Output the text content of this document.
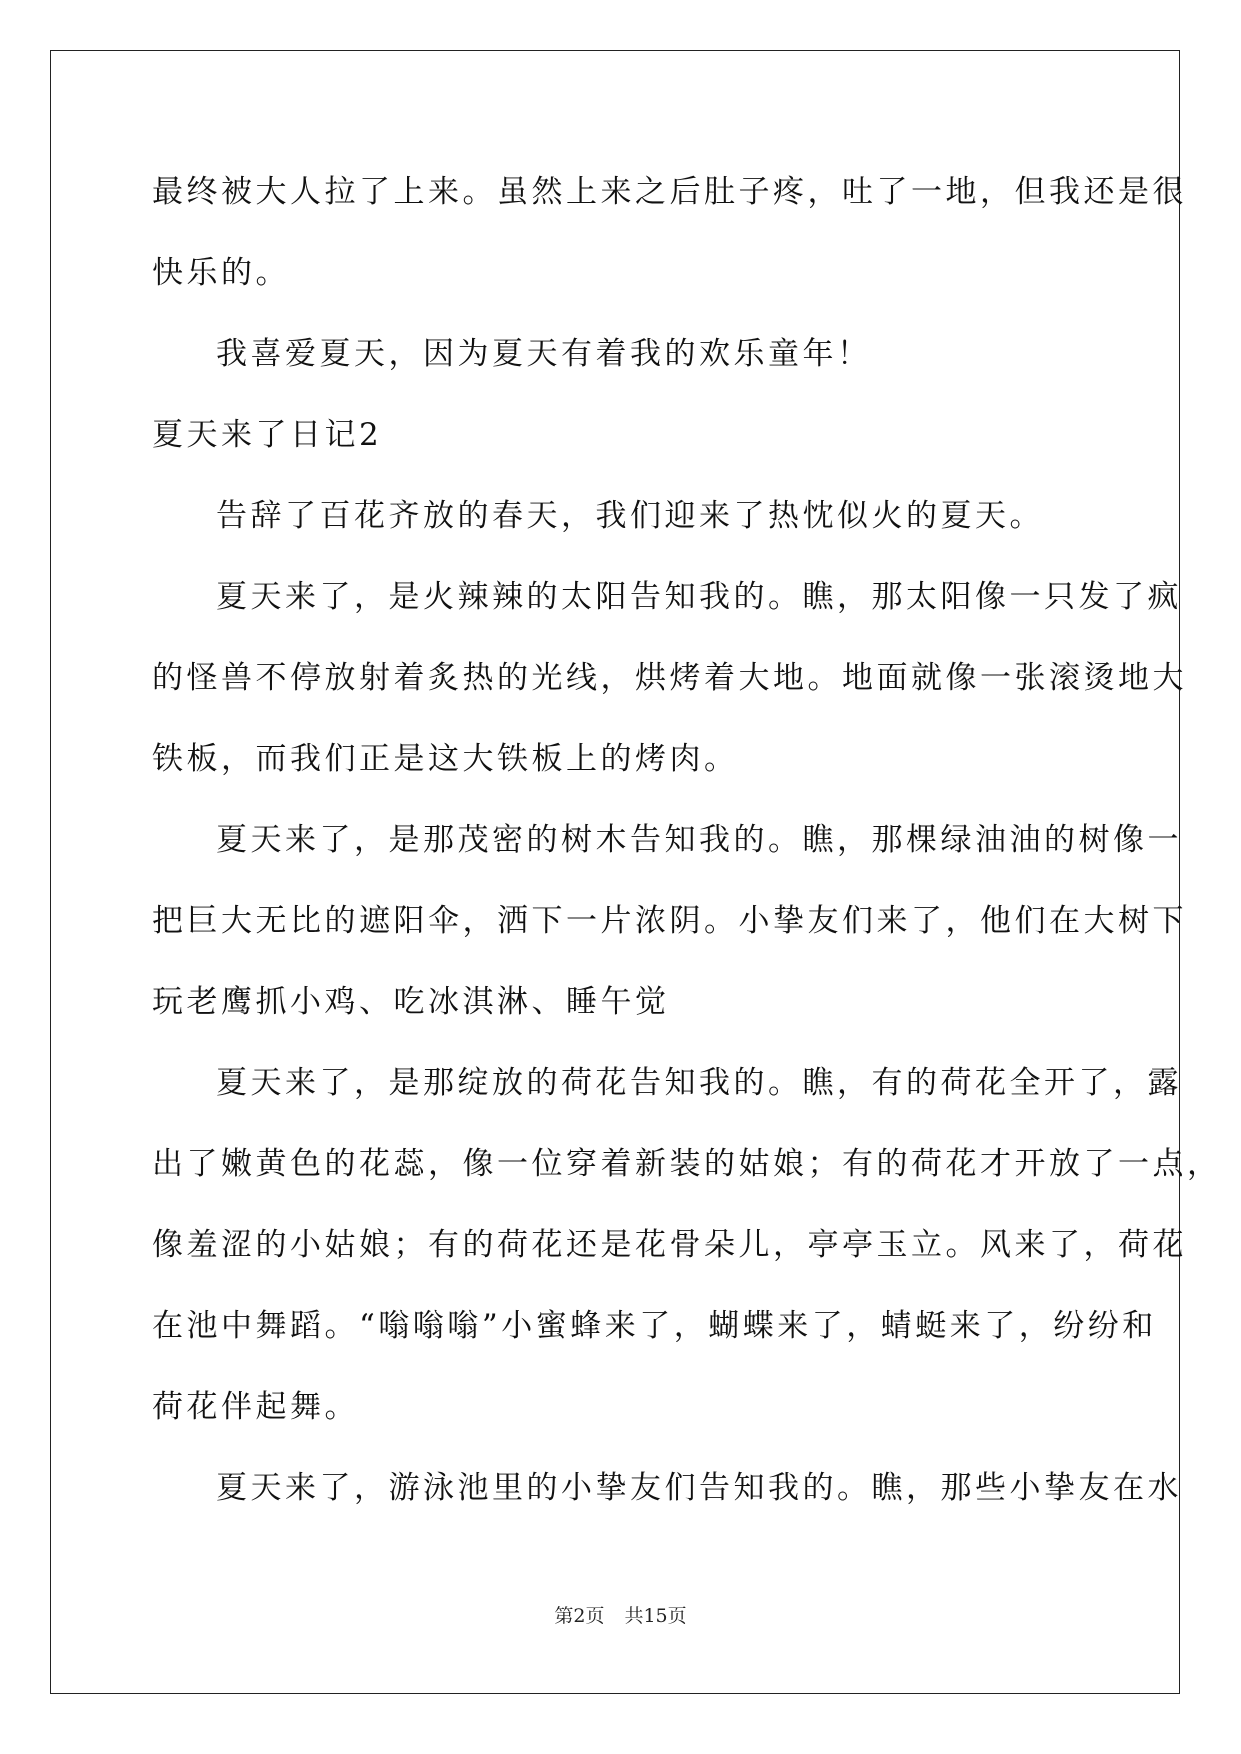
最终被大人拉了上来。虽然上来之后肚子疼，吐了一地，但我还是很
快乐的。
我喜爱夏天，因为夏天有着我的欢乐童年！
夏天来了日记2
告辞了百花齐放的春天，我们迎来了热忱似火的夏天。
夏天来了，是火辣辣的太阳告知我的。瞧，那太阳像一只发了疯
的怪兽不停放射着炙热的光线，烘烤着大地。地面就像一张滚烫地大
铁板，而我们正是这大铁板上的烤肉。
夏天来了，是那茂密的树木告知我的。瞧，那棵绿油油的树像一
把巨大无比的遮阳伞，洒下一片浓阴。小挚友们来了，他们在大树下
玩老鹰抓小鸡、吃冰淇淋、睡午觉
夏天来了，是那绽放的荷花告知我的。瞧，有的荷花全开了，露
出了嫩黄色的花蕊，像一位穿着新装的姑娘；有的荷花才开放了一点，
像羞涩的小姑娘；有的荷花还是花骨朵儿，亭亭玉立。风来了，荷花
在池中舞蹈。“嗡嗡嗡”小蜜蜂来了，蝴蝶来了，蜻蜓来了，纷纷和
荷花伴起舞。
夏天来了，游泳池里的小挚友们告知我的。瞧，那些小挚友在水
第2页 共15页
